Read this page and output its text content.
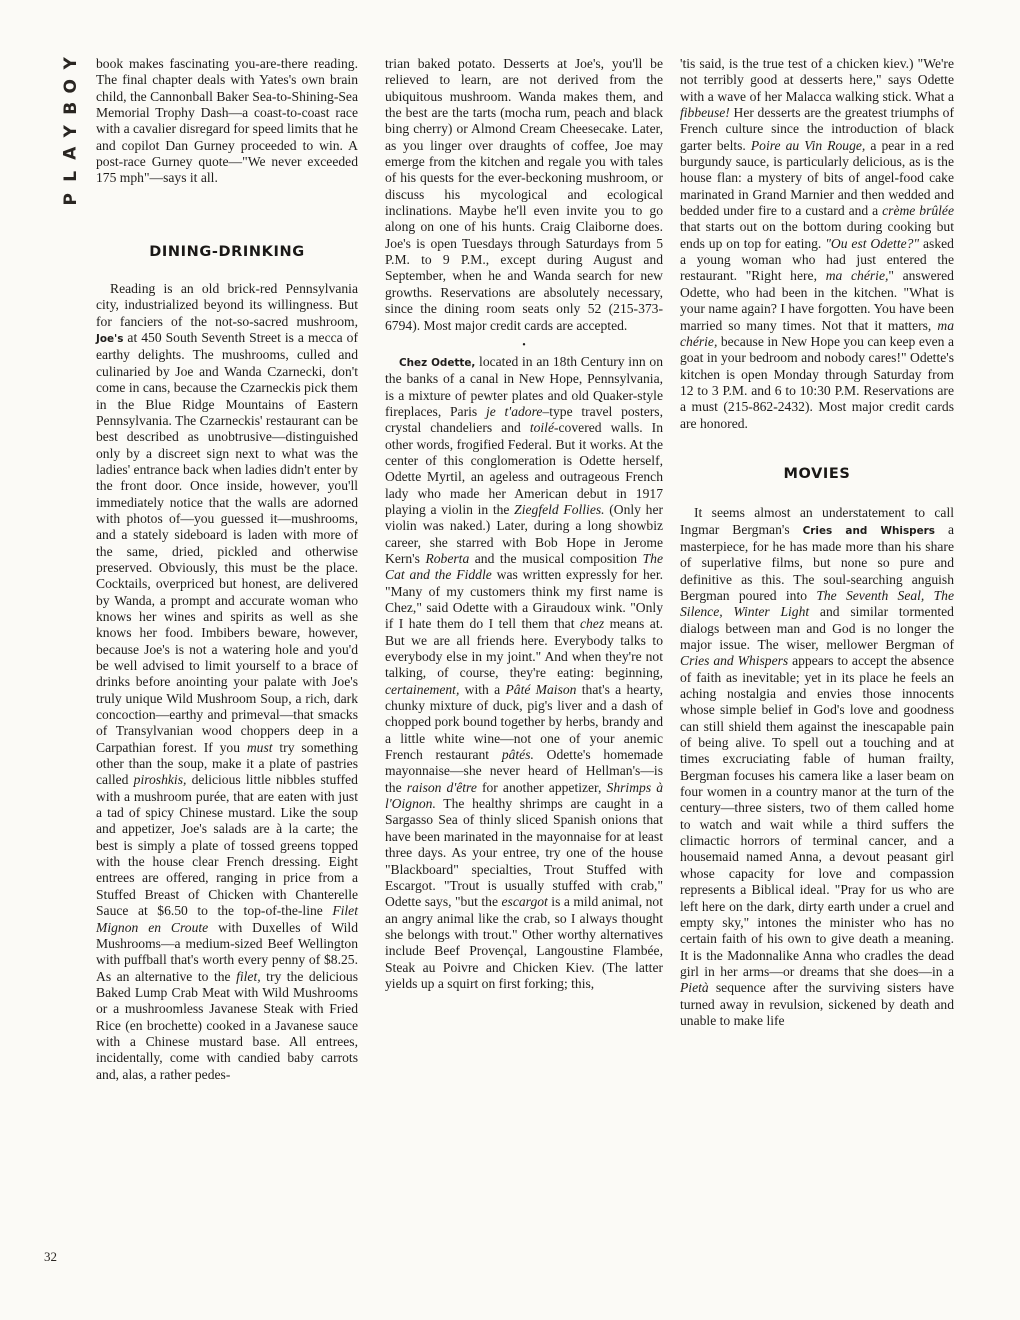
Y
O
B
Y
A
L
P
32

book makes fascinating you-are-there reading. The final chapter deals with Yates's own brain child, the Cannonball Baker Sea-to-Shining-Sea Memorial Trophy Dash—a coast-to-coast race with a cavalier disregard for speed limits that he and copilot Dan Gurney proceeded to win. A post-race Gurney quote—"We never exceeded 175 mph"—says it all.

DINING-DRINKING

Reading is an old brick-red Pennsylvania city, industrialized beyond its willingness. But for fanciers of the not-so-sacred mushroom, Joe's at 450 South Seventh Street is a mecca of earthy delights. The mushrooms, culled and culinaried by Joe and Wanda Czarnecki, don't come in cans, because the Czarneckis pick them in the Blue Ridge Mountains of Eastern Pennsylvania. The Czarneckis' restaurant can be best described as unobtrusive—distinguished only by a discreet sign next to what was the ladies' entrance back when ladies didn't enter by the front door. Once inside, however, you'll immediately notice that the walls are adorned with photos of—you guessed it—mushrooms, and a stately sideboard is laden with more of the same, dried, pickled and otherwise preserved. Obviously, this must be the place. Cocktails, overpriced but honest, are delivered by Wanda, a prompt and accurate woman who knows her wines and spirits as well as she knows her food. Imbibers beware, however, because Joe's is not a watering hole and you'd be well advised to limit yourself to a brace of drinks before anointing your palate with Joe's truly unique Wild Mushroom Soup, a rich, dark concoction—earthy and primeval—that smacks of Transylvanian wood choppers deep in a Carpathian forest. If you must try something other than the soup, make it a plate of pastries called piroshkis, delicious little nibbles stuffed with a mushroom purée, that are eaten with just a tad of spicy Chinese mustard. Like the soup and appetizer, Joe's salads are à la carte; the best is simply a plate of tossed greens topped with the house clear French dressing. Eight entrees are offered, ranging in price from a Stuffed Breast of Chicken with Chanterelle Sauce at $6.50 to the top-of-the-line Filet Mignon en Croute with Duxelles of Wild Mushrooms—a medium-sized Beef Wellington with puffball that's worth every penny of $8.25. As an alternative to the filet, try the delicious Baked Lump Crab Meat with Wild Mushrooms or a mushroomless Javanese Steak with Fried Rice (en brochette) cooked in a Javanese sauce with a Chinese mustard base. All entrees, incidentally, come with candied baby carrots and, alas, a rather pedes-

trian baked potato. Desserts at Joe's, you'll be relieved to learn, are not derived from the ubiquitous mushroom. Wanda makes them, and the best are the tarts (mocha rum, peach and black bing cherry) or Almond Cream Cheesecake. Later, as you linger over draughts of coffee, Joe may emerge from the kitchen and regale you with tales of his quests for the ever-beckoning mushroom, or discuss his mycological and ecological inclinations. Maybe he'll even invite you to go along on one of his hunts. Craig Claiborne does. Joe's is open Tuesdays through Saturdays from 5 P.M. to 9 P.M., except during August and September, when he and Wanda search for new growths. Reservations are absolutely necessary, since the dining room seats only 52 (215-373-6794). Most major credit cards are accepted.

•

Chez Odette, located in an 18th Century inn on the banks of a canal in New Hope, Pennsylvania, is a mixture of pewter plates and old Quaker-style fireplaces, Paris je t'adore–type travel posters, crystal chandeliers and toilé-covered walls. In other words, frogified Federal. But it works. At the center of this conglomeration is Odette herself, Odette Myrtil, an ageless and outrageous French lady who made her American debut in 1917 playing a violin in the Ziegfeld Follies. (Only her violin was naked.) Later, during a long showbiz career, she starred with Bob Hope in Jerome Kern's Roberta and the musical composition The Cat and the Fiddle was written expressly for her. "Many of my customers think my first name is Chez," said Odette with a Giraudoux wink. "Only if I hate them do I tell them that chez means at. But we are all friends here. Everybody talks to everybody else in my joint." And when they're not talking, of course, they're eating: beginning, certainement, with a Pâté Maison that's a hearty, chunky mixture of duck, pig's liver and a dash of chopped pork bound together by herbs, brandy and a little white wine—not one of your anemic French restaurant pâtés. Odette's homemade mayonnaise—she never heard of Hellman's—is the raison d'être for another appetizer, Shrimps à l'Oignon. The healthy shrimps are caught in a Sargasso Sea of thinly sliced Spanish onions that have been marinated in the mayonnaise for at least three days. As your entree, try one of the house "Blackboard" specialties, Trout Stuffed with Escargot. "Trout is usually stuffed with crab," Odette says, "but the escargot is a mild animal, not an angry animal like the crab, so I always thought she belongs with trout." Other worthy alternatives include Beef Provençal, Langoustine Flambée, Steak au Poivre and Chicken Kiev. (The latter yields up a squirt on first forking; this,

'tis said, is the true test of a chicken kiev.) "We're not terribly good at desserts here," says Odette with a wave of her Malacca walking stick. What a fibbeuse! Her desserts are the greatest triumphs of French culture since the introduction of black garter belts. Poire au Vin Rouge, a pear in a red burgundy sauce, is particularly delicious, as is the house flan: a mystery of bits of angel-food cake marinated in Grand Marnier and then wedded and bedded under fire to a custard and a crème brûlée that starts out on the bottom during cooking but ends up on top for eating. "Ou est Odette?" asked a young woman who had just entered the restaurant. "Right here, ma chérie," answered Odette, who had been in the kitchen. "What is your name again? I have forgotten. You have been married so many times. Not that it matters, ma chérie, because in New Hope you can keep even a goat in your bedroom and nobody cares!" Odette's kitchen is open Monday through Saturday from 12 to 3 P.M. and 6 to 10:30 P.M. Reservations are a must (215-862-2432). Most major credit cards are honored.

MOVIES

It seems almost an understatement to call Ingmar Bergman's Cries and Whispers a masterpiece, for he has made more than his share of superlative films, but none so pure and definitive as this. The soul-searching anguish Bergman poured into The Seventh Seal, The Silence, Winter Light and similar tormented dialogs between man and God is no longer the major issue. The wiser, mellower Bergman of Cries and Whispers appears to accept the absence of faith as inevitable; yet in its place he feels an aching nostalgia and envies those innocents whose simple belief in God's love and goodness can still shield them against the inescapable pain of being alive. To spell out a touching and at times excruciating fable of human frailty, Bergman focuses his camera like a laser beam on four women in a country manor at the turn of the century—three sisters, two of them called home to watch and wait while a third suffers the climactic horrors of terminal cancer, and a housemaid named Anna, a devout peasant girl whose capacity for love and compassion represents a Biblical ideal. "Pray for us who are left here on the dark, dirty earth under a cruel and empty sky," intones the minister who has no certain faith of his own to give death a meaning. It is the Madonnalike Anna who cradles the dead girl in her arms—or dreams that she does—in a Pietà sequence after the surviving sisters have turned away in revulsion, sickened by death and unable to make life
